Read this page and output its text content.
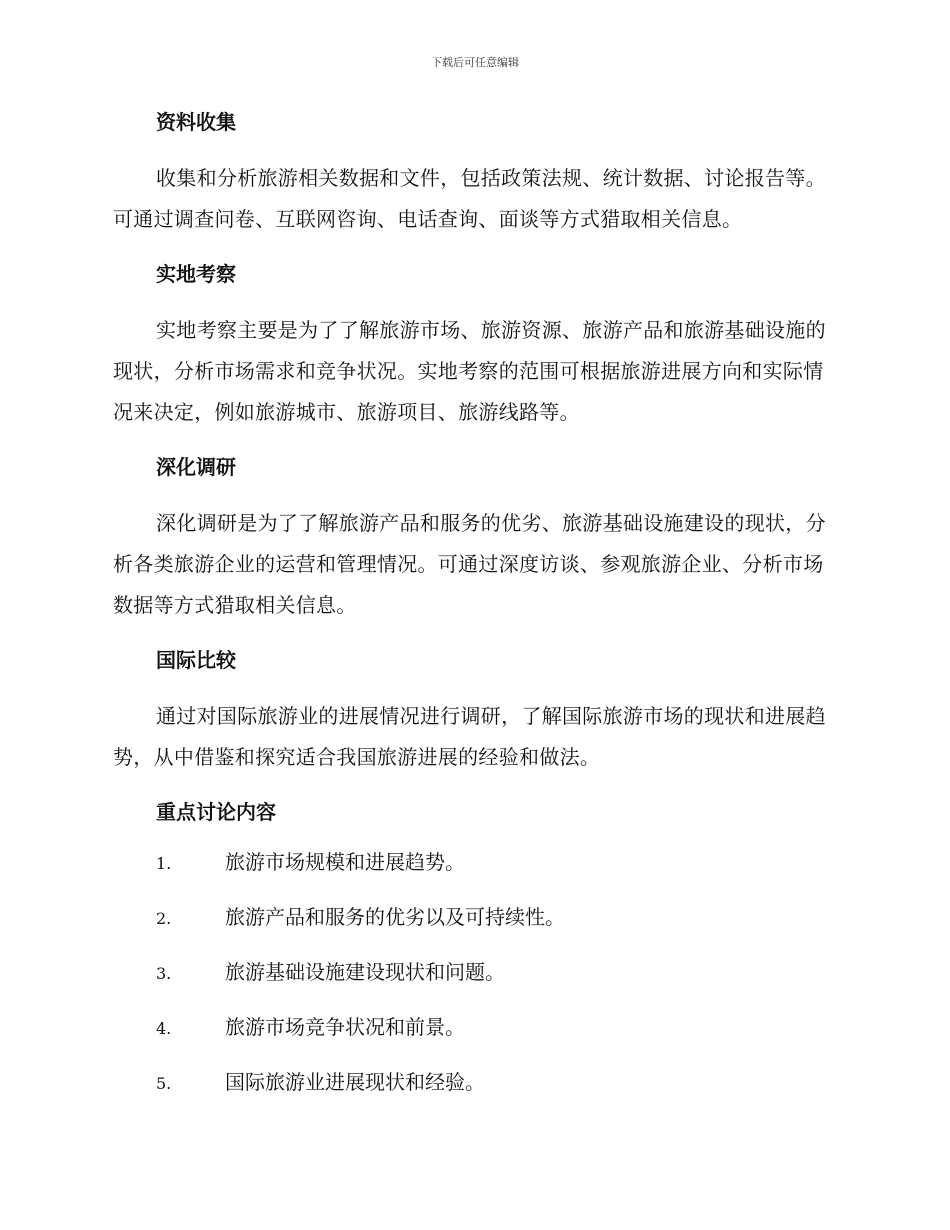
下载后可任意编辑
资料收集

收集和分析旅游相关数据和文件，包括政策法规、统计数据、讨论报告等。可通过调查问卷、互联网咨询、电话查询、面谈等方式猎取相关信息。

实地考察

实地考察主要是为了了解旅游市场、旅游资源、旅游产品和旅游基础设施的现状，分析市场需求和竞争状况。实地考察的范围可根据旅游进展方向和实际情况来决定，例如旅游城市、旅游项目、旅游线路等。

深化调研

深化调研是为了了解旅游产品和服务的优劣、旅游基础设施建设的现状，分析各类旅游企业的运营和管理情况。可通过深度访谈、参观旅游企业、分析市场数据等方式猎取相关信息。

国际比较

通过对国际旅游业的进展情况进行调研，了解国际旅游市场的现状和进展趋势，从中借鉴和探究适合我国旅游进展的经验和做法。

重点讨论内容
1.	旅游市场规模和进展趋势。
2.	旅游产品和服务的优劣以及可持续性。
3.	旅游基础设施建设现状和问题。
4.	旅游市场竞争状况和前景。
5.	国际旅游业进展现状和经验。
